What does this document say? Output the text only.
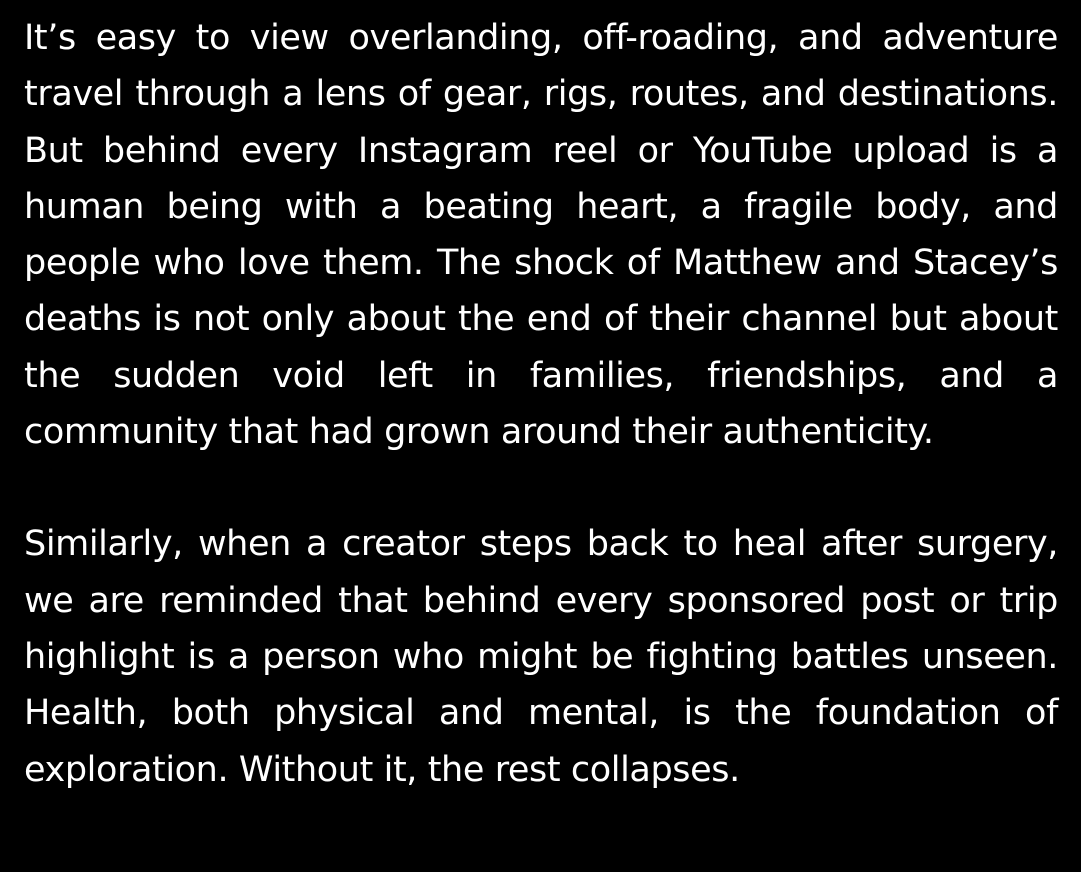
It’s easy to view overlanding, off-roading, and adventure travel through a lens of gear, rigs, routes, and destinations. But behind every Instagram reel or YouTube upload is a human being with a beating heart, a fragile body, and people who love them. The shock of Matthew and Stacey’s deaths is not only about the end of their channel but about the sudden void left in families, friendships, and a community that had grown around their authenticity.

Similarly, when a creator steps back to heal after surgery, we are reminded that behind every sponsored post or trip highlight is a person who might be fighting battles unseen. Health, both physical and mental, is the foundation of exploration. Without it, the rest collapses.
